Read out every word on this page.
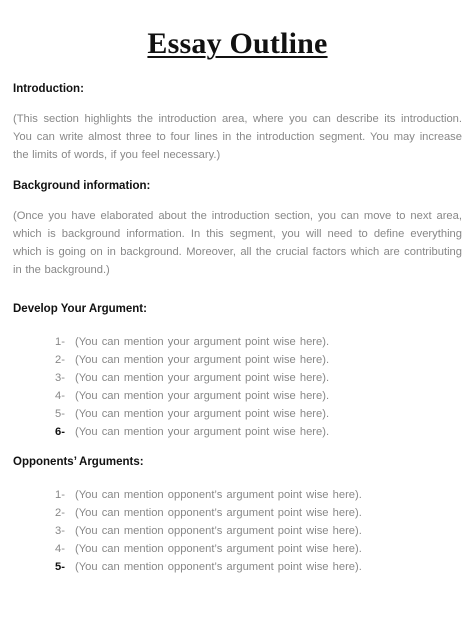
Essay Outline
Introduction:
(This section highlights the introduction area, where you can describe its introduction. You can write almost three to four lines in the introduction segment. You may increase the limits of words, if you feel necessary.)
Background information:
(Once you have elaborated about the introduction section, you can move to next area, which is background information. In this segment, you will need to define everything which is going on in background. Moreover, all the crucial factors which are contributing in the background.)
Develop Your Argument:
1- (You can mention your argument point wise here).
2- (You can mention your argument point wise here).
3- (You can mention your argument point wise here).
4- (You can mention your argument point wise here).
5- (You can mention your argument point wise here).
6- (You can mention your argument point wise here).
Opponents’ Arguments:
1- (You can mention opponent’s argument point wise here).
2- (You can mention opponent’s argument point wise here).
3- (You can mention opponent’s argument point wise here).
4- (You can mention opponent’s argument point wise here).
5- (You can mention opponent’s argument point wise here).
